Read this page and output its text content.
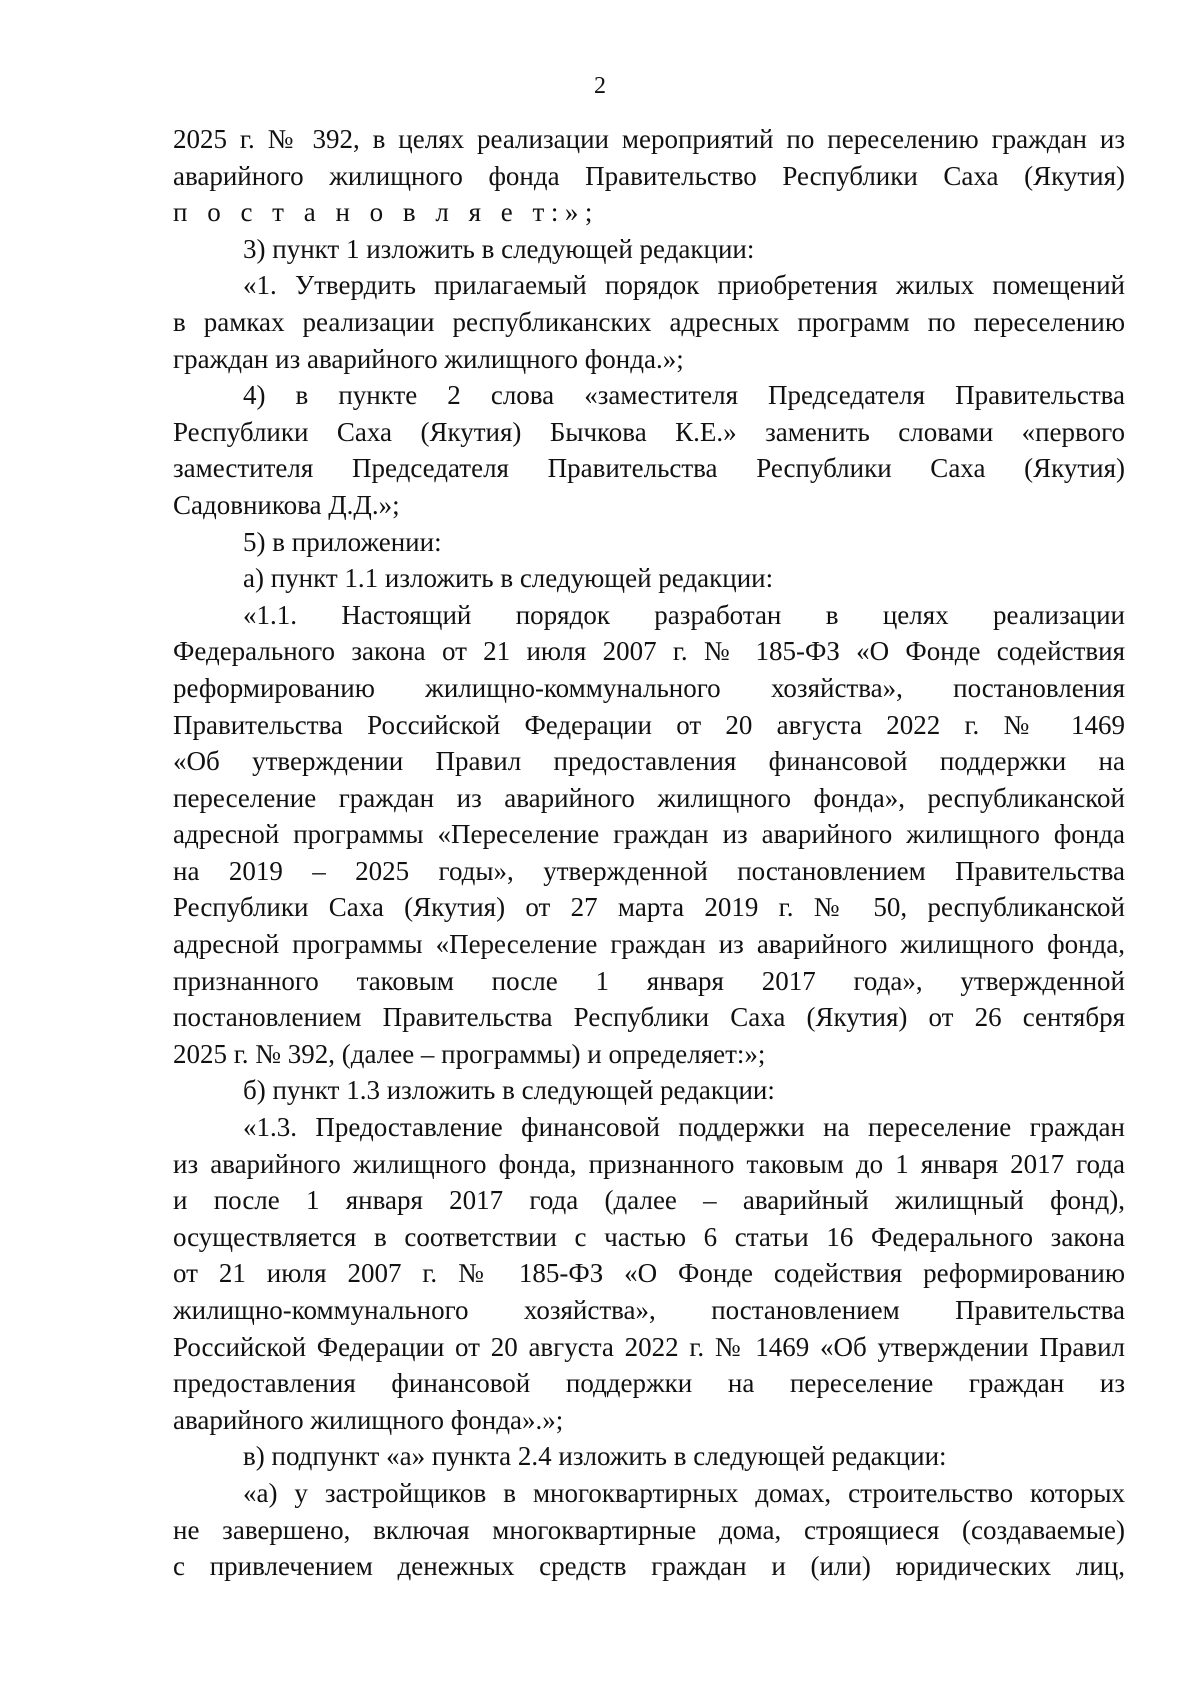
2
2025 г. № 392, в целях реализации мероприятий по переселению граждан из
аварийного жилищного фонда Правительство Республики Саха (Якутия)
п о с т а н о в л я е т:»;
3) пункт 1 изложить в следующей редакции:
«1. Утвердить прилагаемый порядок приобретения жилых помещений
в рамках реализации республиканских адресных программ по переселению
граждан из аварийного жилищного фонда.»;
4) в пункте 2 слова «заместителя Председателя Правительства
Республики Саха (Якутия) Бычкова К.Е.» заменить словами «первого
заместителя Председателя Правительства Республики Саха (Якутия)
Садовникова Д.Д.»;
5) в приложении:
а) пункт 1.1 изложить в следующей редакции:
«1.1. Настоящий порядок разработан в целях реализации
Федерального закона от 21 июля 2007 г. № 185-ФЗ «О Фонде содействия
реформированию жилищно-коммунального хозяйства», постановления
Правительства Российской Федерации от 20 августа 2022 г. № 1469
«Об утверждении Правил предоставления финансовой поддержки на
переселение граждан из аварийного жилищного фонда», республиканской
адресной программы «Переселение граждан из аварийного жилищного фонда
на 2019 – 2025 годы», утвержденной постановлением Правительства
Республики Саха (Якутия) от 27 марта 2019 г. № 50, республиканской
адресной программы «Переселение граждан из аварийного жилищного фонда,
признанного таковым после 1 января 2017 года», утвержденной
постановлением Правительства Республики Саха (Якутия) от 26 сентября
2025 г. № 392, (далее – программы) и определяет:»;
б) пункт 1.3 изложить в следующей редакции:
«1.3. Предоставление финансовой поддержки на переселение граждан
из аварийного жилищного фонда, признанного таковым до 1 января 2017 года
и после 1 января 2017 года (далее – аварийный жилищный фонд),
осуществляется в соответствии с частью 6 статьи 16 Федерального закона
от 21 июля 2007 г. № 185-ФЗ «О Фонде содействия реформированию
жилищно-коммунального хозяйства», постановлением Правительства
Российской Федерации от 20 августа 2022 г. № 1469 «Об утверждении Правил
предоставления финансовой поддержки на переселение граждан из
аварийного жилищного фонда».»;
в) подпункт «а» пункта 2.4 изложить в следующей редакции:
«а) у застройщиков в многоквартирных домах, строительство которых
не завершено, включая многоквартирные дома, строящиеся (создаваемые)
с привлечением денежных средств граждан и (или) юридических лиц,
